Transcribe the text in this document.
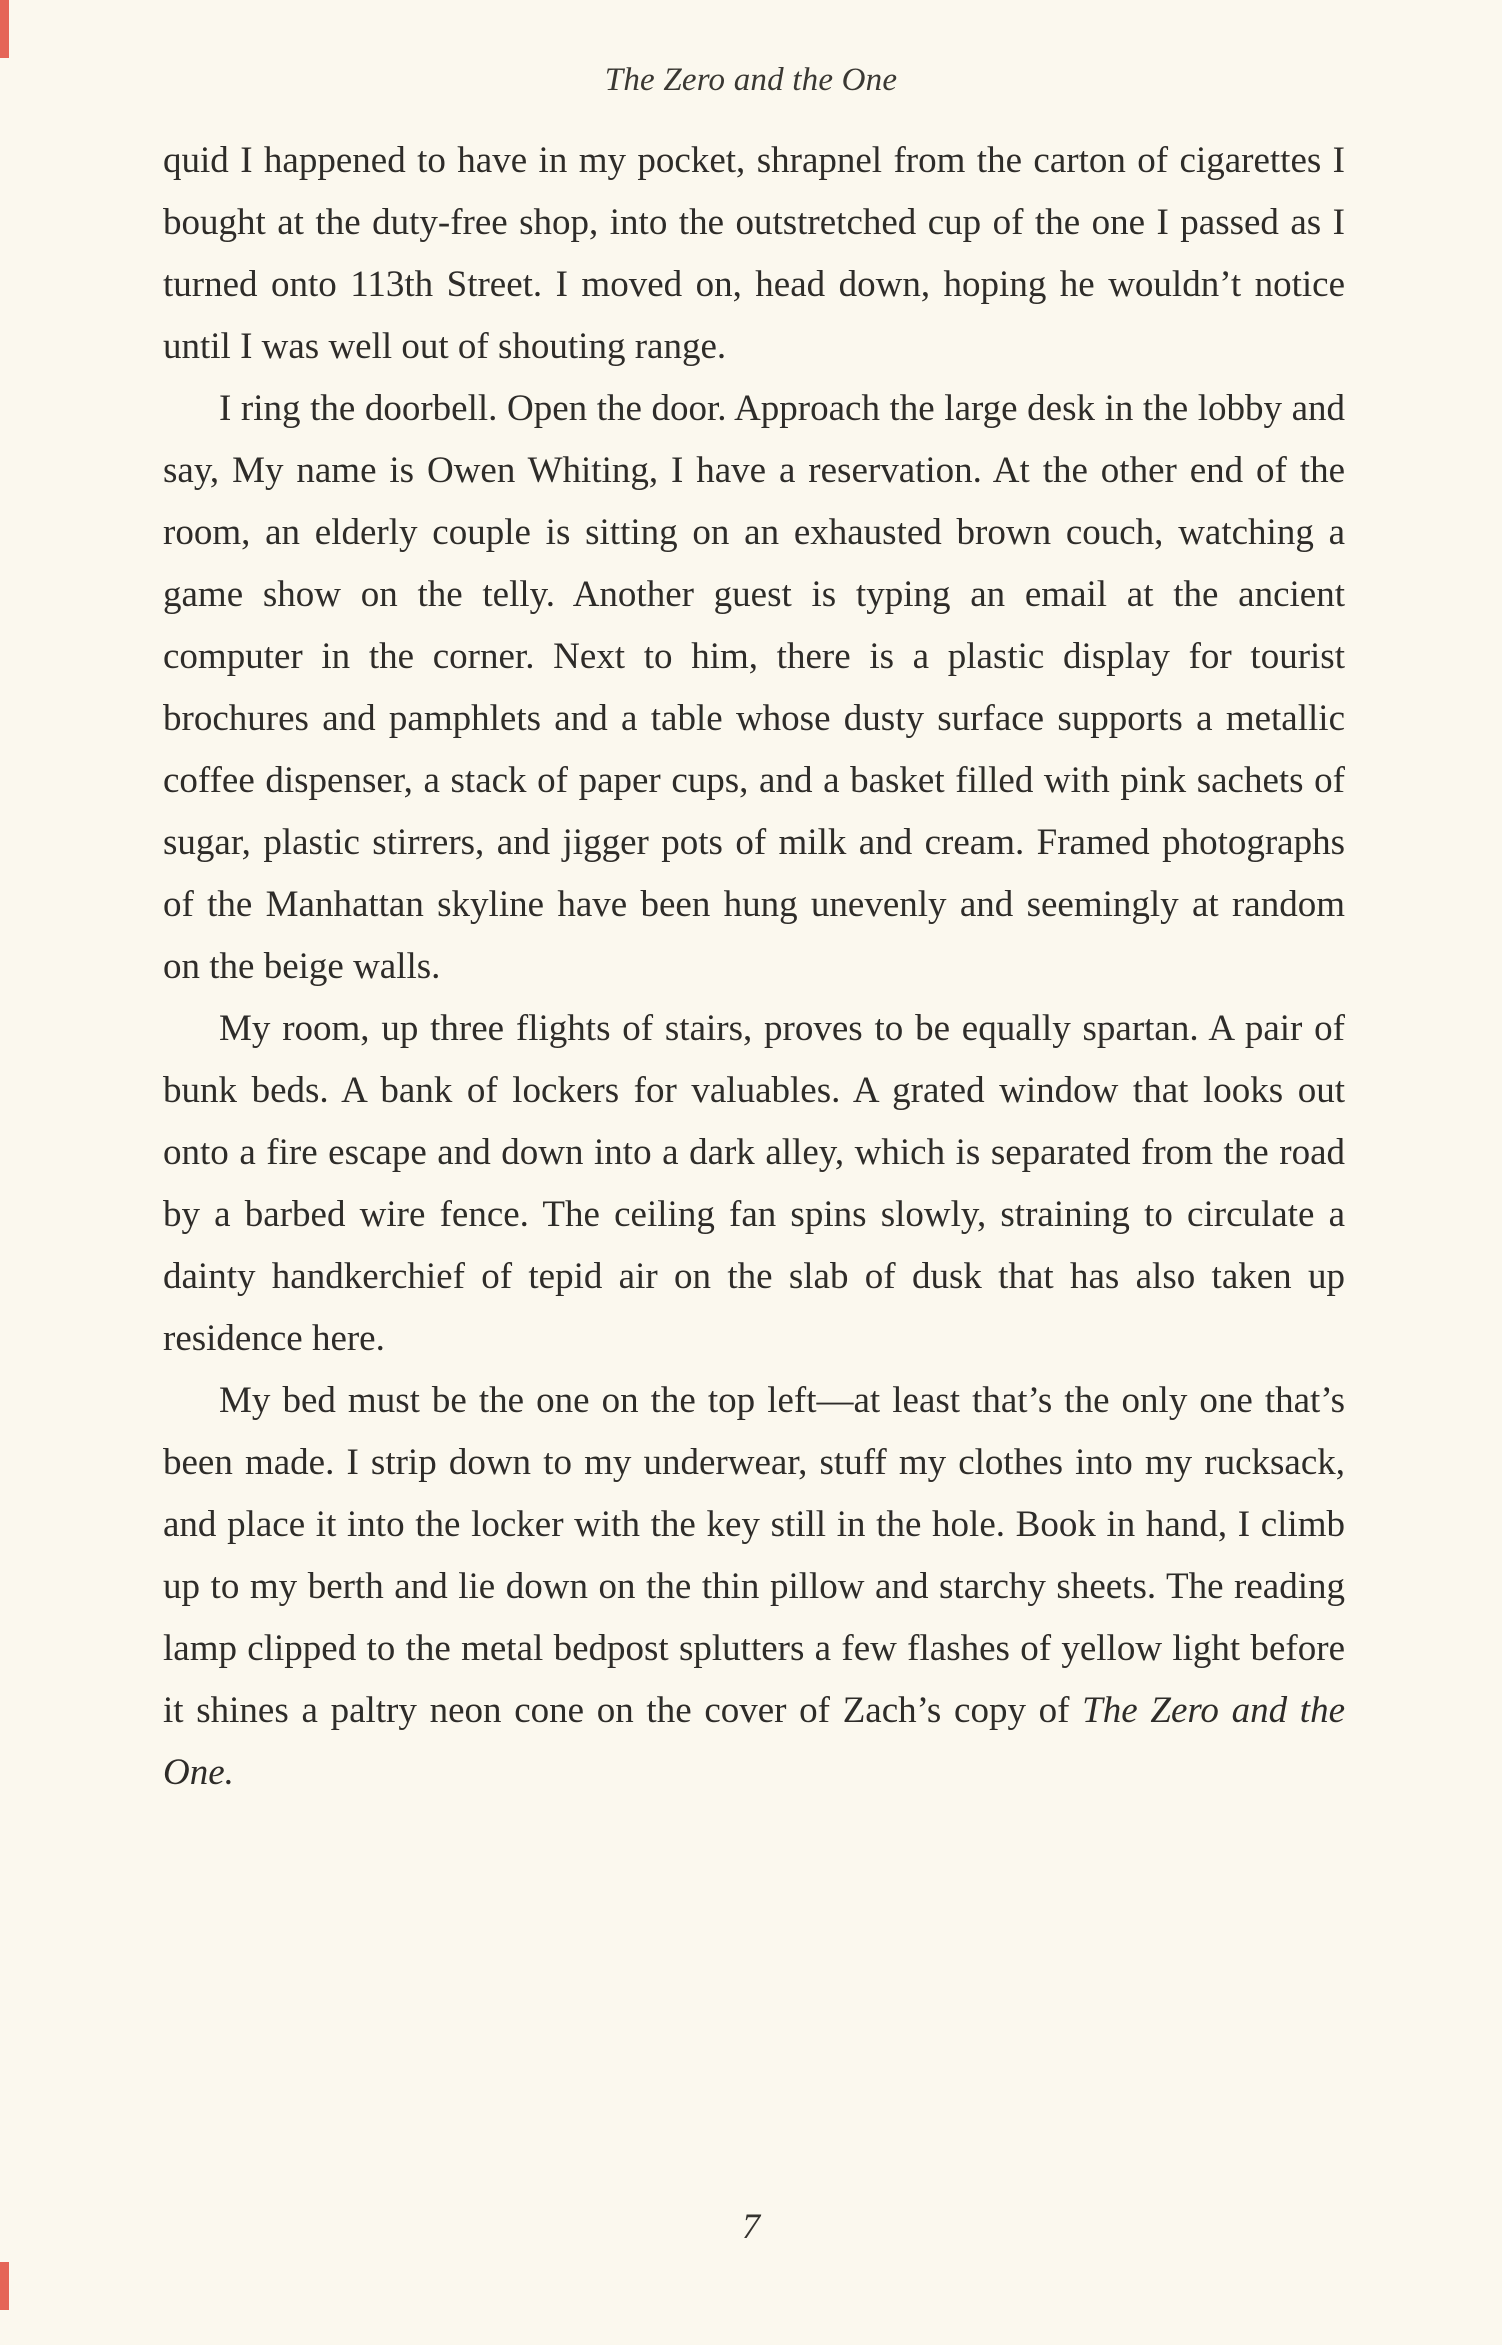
The Zero and the One

quid I happened to have in my pocket, shrapnel from the carton of cigarettes I bought at the duty-free shop, into the outstretched cup of the one I passed as I turned onto 113th Street. I moved on, head down, hoping he wouldn’t notice until I was well out of shouting range.

I ring the doorbell. Open the door. Approach the large desk in the lobby and say, My name is Owen Whiting, I have a reservation. At the other end of the room, an elderly couple is sitting on an exhausted brown couch, watching a game show on the telly. Another guest is typing an email at the ancient computer in the corner. Next to him, there is a plastic display for tourist brochures and pamphlets and a table whose dusty surface supports a metallic coffee dispenser, a stack of paper cups, and a basket filled with pink sachets of sugar, plastic stirrers, and jigger pots of milk and cream. Framed photographs of the Manhattan skyline have been hung unevenly and seemingly at random on the beige walls.

My room, up three flights of stairs, proves to be equally spartan. A pair of bunk beds. A bank of lockers for valuables. A grated window that looks out onto a fire escape and down into a dark alley, which is separated from the road by a barbed wire fence. The ceiling fan spins slowly, straining to circulate a dainty handkerchief of tepid air on the slab of dusk that has also taken up residence here.

My bed must be the one on the top left—at least that’s the only one that’s been made. I strip down to my underwear, stuff my clothes into my rucksack, and place it into the locker with the key still in the hole. Book in hand, I climb up to my berth and lie down on the thin pillow and starchy sheets. The reading lamp clipped to the metal bedpost splutters a few flashes of yellow light before it shines a paltry neon cone on the cover of Zach’s copy of The Zero and the One.

7
